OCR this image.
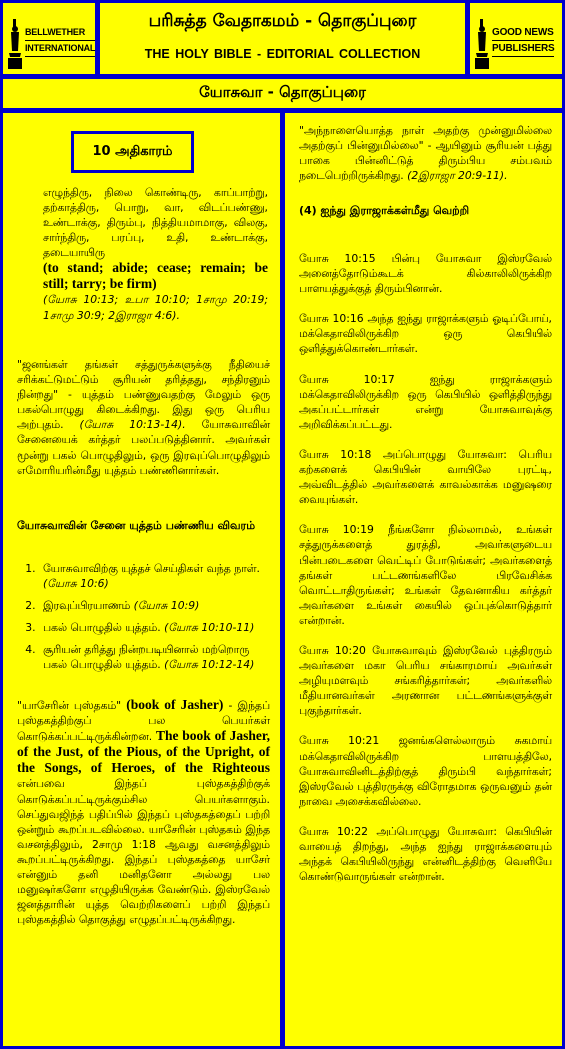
BELLWETHER
INTERNATIONAL
பரிசுத்த வேதாகமம் - தொகுப்புரை
THE HOLY BIBLE - EDITORIAL COLLECTION
GOOD NEWS
PUBLISHERS
யோசுவா - தொகுப்புரை
10 அதிகாரம்

எழுந்திரு, நிலை கொண்டிரு, காப்பாற்று, தற்காத்திரு, பொறு, வா, விடப்பண்ணு, உண்டாக்கு, திரும்பு, நித்தியமாமாகு, விலகு, சார்ந்திரு, பரப்பு, உதி, உண்டாக்கு, தடையாயிரு

(to stand; abide; cease; remain; be still; tarry; be firm)

(யோசு 10:13; உபா 10:10; 1சாமு 20:19; 1சாமு 30:9; 2இராஜா 4:6).

"ஜனங்கள் தங்கள் சத்துருக்களுக்கு நீதியைச் சரிக்கட்டுமட்டும் சூரியன் தரித்தது, சந்திரனும் நின்றது" - யுத்தம் பண்ணுவதற்கு மேலும் ஒரு பகல்பொழுது கிடைக்கிறது. இது ஒரு பெரிய அற்புதம். (யோசு 10:13-14). யோசுவாவின் சேனையைக் கர்த்தர் பலப்படுத்தினார். அவர்கள் மூன்று பகல் பொழுதிலும், ஒரு இரவுப்பொழுதிலும் எமோரியரின்மீது யுத்தம் பண்ணினார்கள்.

யோசுவாவின் சேனை யுத்தம் பண்ணிய விவரம்

1. யோசுவாவிற்கு யுத்தச் செய்திகள் வந்த நாள். (யோசு 10:6)
2. இரவுப்பிரயாணம் (யோசு 10:9)
3. பகல் பொழுதில் யுத்தம். (யோசு 10:10-11)
4. சூரியன் தரித்து நின்றபடியினால் மற்றொரு பகல் பொழுதில் யுத்தம். (யோசு 10:12-14)

"யாசேரின் புஸ்தகம்" (book of Jasher) - இந்தப் புஸ்தகத்திற்குப் பல பெயர்கள் கொடுக்கப்பட்டிருக்கின்றன. The book of Jasher, of the Just, of the Pious, of the Upright, of the Songs, of Heroes, of the Righteous என்பவை இந்தப் புஸ்தகத்திற்குக் கொடுக்கப்பட்டிருக்கும்சில பெயர்களாகும். செப்துவஜிந்த் பதிப்பில் இந்தப் புஸ்தகத்தைப் பற்றி ஒன்றும் கூறப்படவில்லை. யாசேரின் புஸ்தகம் இந்த வசனத்திலும், 2சாமு 1:18 ஆவது வசனத்திலும் கூறப்பட்டிருக்கிறது. இந்தப் புஸ்தகத்தை யாசேர் என்னும் தனி மனிதனோ அல்லது பல மனுஷர்களோ எழுதியிருக்க வேண்டும். இஸ்ரவேல் ஜனத்தாரின் யுத்த வெற்றிகளைப் பற்றி இந்தப் புஸ்தகத்தில் தொகுத்து எழுதப்பட்டிருக்கிறது.

"அந்நாளையொத்த நாள் அதற்கு முன்னுமில்லை அதற்குப் பின்னுமில்லை" - ஆயினும் சூரியன் பத்து பாகை பின்னிட்டுத் திரும்பிய சம்பவம் நடைபெற்றிருக்கிறது. (2இராஜா 20:9-11).

(4) ஐந்து இராஜாக்கள்மீது வெற்றி

யோசு 10:15 பின்பு யோசுவா இஸ்ரவேல் அனைத்தோடும்கூடக் கில்காலிலிருக்கிற பாளயத்துக்குத் திரும்பினான்.

யோசு 10:16 அந்த ஐந்து ராஜாக்களும் ஓடிப்போய், மக்கெதாவிலிருக்கிற ஒரு கெபியில் ஒளித்துக்கொண்டார்கள்.

யோசு 10:17	ஐந்து ராஜாக்களும் மக்கெதாவிலிருக்கிற ஒரு கெபியில் ஒளித்திருந்து அகப்பட்டார்கள் என்று யோசுவாவுக்கு அறிவிக்கப்பட்டது.

யோசு 10:18 அப்பொழுது யோசுவா: பெரிய கற்களைக் கெபியின் வாயிலே புரட்டி, அவ்விடத்தில் அவர்களைக் காவல்காக்க மனுஷரை வையுங்கள்.

யோசு 10:19 நீங்களோ நில்லாமல், உங்கள் சத்துருக்களைத் துரத்தி, அவர்களுடைய பின்படைகளை வெட்டிப் போடுங்கள்; அவர்களைத் தங்கள் பட்டணங்களிலே பிரவேசிக்க வொட்டாதிருங்கள்; உங்கள் தேவனாகிய கர்த்தர் அவர்களை உங்கள் கையில் ஒப்புக்கொடுத்தார் என்றான்.

யோசு 10:20 யோசுவாவும் இஸ்ரவேல் புத்திரரும் அவர்களை மகா பெரிய சங்காரமாய் அவர்கள் அழியுமளவும் சங்கரித்தார்கள்; அவர்களில் மீதியானவர்கள் அரணான பட்டணங்களுக்குள் புகுந்தார்கள்.

யோசு 10:21 ஜனங்களெல்லாரும் சுகமாய் மக்கெதாவிலிருக்கிற பாளயத்திலே, யோசுவாவினிடத்திற்குத் திரும்பி வந்தார்கள்; இஸ்ரவேல் புத்திரருக்கு விரோதமாக ஒருவனும் தன் நாவை அசைக்கவில்லை.

யோசு 10:22 அப்பொழுது யோசுவா: கெபியின் வாயைத் திறந்து, அந்த ஐந்து ராஜாக்களையும் அந்தக் கெபியிலிருந்து என்னிடத்திற்கு வெளியே கொண்டுவாருங்கள் என்றான்.
